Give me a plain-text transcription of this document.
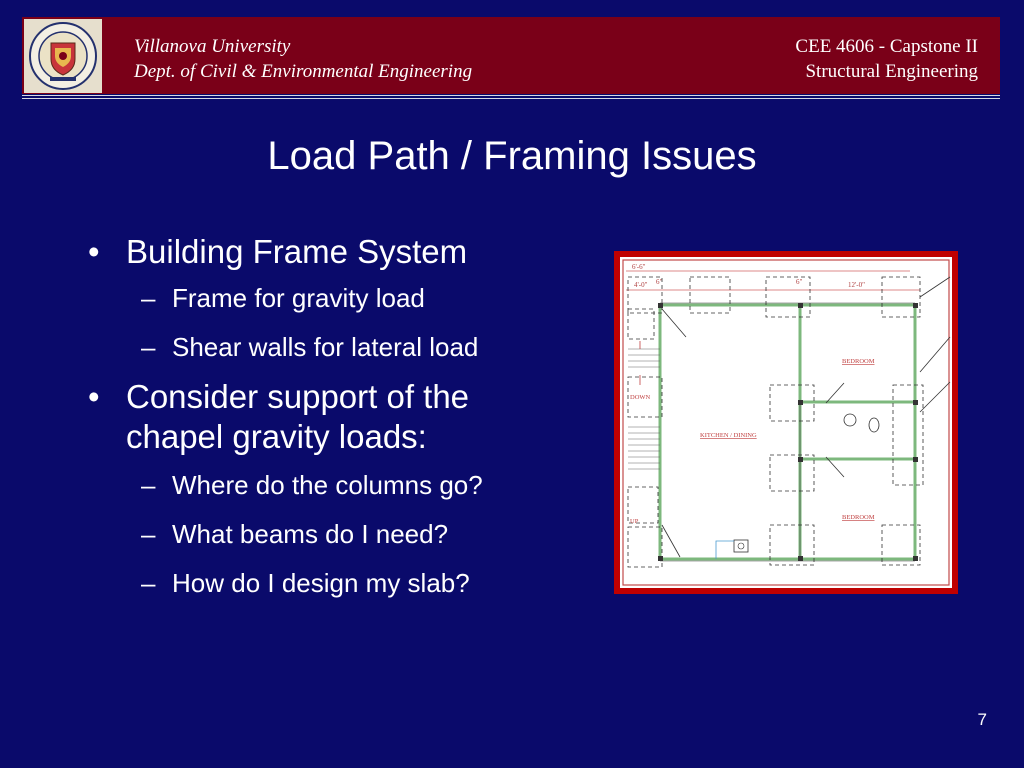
Villanova University
Dept. of Civil & Environmental Engineering
CEE 4606 - Capstone II
Structural Engineering
Load Path / Framing Issues
• Building Frame System
– Frame for gravity load
– Shear walls for lateral load
• Consider support of the
chapel gravity loads:
– Where do the columns go?
– What beams do I need?
– How do I design my slab?
6'-6"
4'-0" 6"	6"	12'-0"
BEDROOM
KITCHEN / DINING
BEDROOM
DOWN
UP
7
